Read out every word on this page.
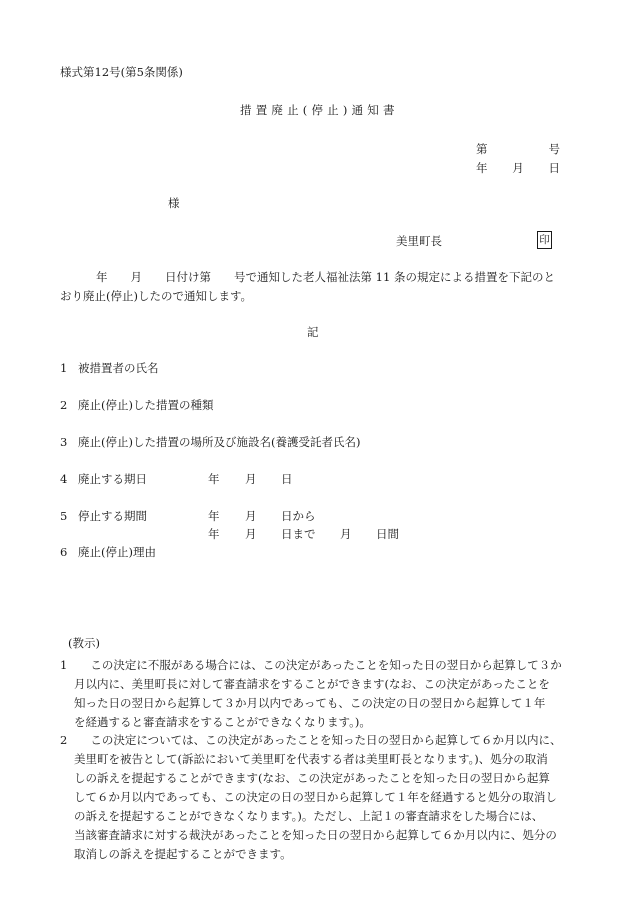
様式第12号(第5条関係)
措置廃止(停止)通知書
第	号
年 月 日
様
美里町長	印
年　　月　　日付け第　　号で通知した老人福祉法第 11 条の規定による措置を下記のと
おり廃止(停止)したので通知します。
記
1 被措置者の氏名
2 廃止(停止)した措置の種類
3 廃止(停止)した措置の場所及び施設名(養護受託者氏名)
4 廃止する期日	年 月 日
5 停止する期間	年 月 日から
年 月 日まで 月 日間
6 廃止(停止)理由
(教示)
1　　 この決定に不服がある場合には、この決定があったことを知った日の翌日から起算して３か
月以内に、美里町長に対して審査請求をすることができます(なお、この決定があったことを
知った日の翌日から起算して３か月以内であっても、この決定の日の翌日から起算して１年
を経過すると審査請求をすることができなくなります。)。
2　　 この決定については、この決定があったことを知った日の翌日から起算して６か月以内に、
美里町を被告として(訴訟において美里町を代表する者は美里町長となります。)、処分の取消
しの訴えを提起することができます(なお、この決定があったことを知った日の翌日から起算
して６か月以内であっても、この決定の日の翌日から起算して１年を経過すると処分の取消し
の訴えを提起することができなくなります。)。ただし、上記１の審査請求をした場合には、
当該審査請求に対する裁決があったことを知った日の翌日から起算して６か月以内に、処分の
取消しの訴えを提起することができます。
